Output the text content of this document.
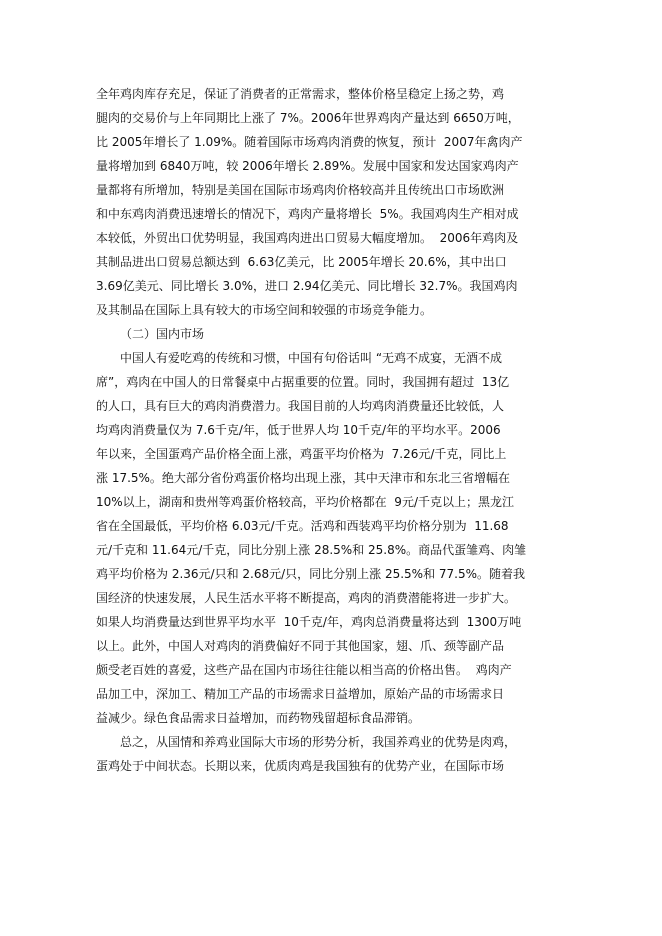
全年鸡肉库存充足，保证了消费者的正常需求，整体价格呈稳定上扬之势，鸡
腿肉的交易价与上年同期比上涨了 7%。2006年世界鸡肉产量达到 6650万吨，
比 2005年增长了 1.09%。随着国际市场鸡肉消费的恢复，预计  2007年禽肉产
量将增加到 6840万吨，较 2006年增长 2.89%。发展中国家和发达国家鸡肉产
量都将有所增加，特别是美国在国际市场鸡肉价格较高并且传统出口市场欧洲
和中东鸡肉消费迅速增长的情况下，鸡肉产量将增长  5%。我国鸡肉生产相对成
本较低，外贸出口优势明显，我国鸡肉进出口贸易大幅度增加。  2006年鸡肉及
其制品进出口贸易总额达到  6.63亿美元，比 2005年增长 20.6%，其中出口
3.69亿美元、同比增长 3.0%，进口 2.94亿美元、同比增长 32.7%。我国鸡肉
及其制品在国际上具有较大的市场空间和较强的市场竞争能力。
（二）国内市场
中国人有爱吃鸡的传统和习惯，中国有句俗话叫 “无鸡不成宴，无酒不成
席”，鸡肉在中国人的日常餐桌中占据重要的位置。同时，我国拥有超过  13亿
的人口，具有巨大的鸡肉消费潜力。我国目前的人均鸡肉消费量还比较低，人
均鸡肉消费量仅为 7.6千克/年，低于世界人均 10千克/年的平均水平。2006
年以来，全国蛋鸡产品价格全面上涨，鸡蛋平均价格为  7.26元/千克，同比上
涨 17.5%。绝大部分省份鸡蛋价格均出现上涨，其中天津市和东北三省增幅在
10%以上，湖南和贵州等鸡蛋价格较高，平均价格都在  9元/千克以上；黑龙江
省在全国最低，平均价格 6.03元/千克。活鸡和西装鸡平均价格分别为  11.68
元/千克和 11.64元/千克，同比分别上涨 28.5%和 25.8%。商品代蛋雏鸡、肉雏
鸡平均价格为 2.36元/只和 2.68元/只，同比分别上涨 25.5%和 77.5%。随着我
国经济的快速发展，人民生活水平将不断提高，鸡肉的消费潜能将进一步扩大。
如果人均消费量达到世界平均水平  10千克/年，鸡肉总消费量将达到  1300万吨
以上。此外，中国人对鸡肉的消费偏好不同于其他国家，翅、爪、颈等副产品
颇受老百姓的喜爱，这些产品在国内市场往往能以相当高的价格出售。  鸡肉产
品加工中，深加工、精加工产品的市场需求日益增加，原始产品的市场需求日
益减少。绿色食品需求日益增加，而药物残留超标食品滞销。
总之，从国情和养鸡业国际大市场的形势分析，我国养鸡业的优势是肉鸡，
蛋鸡处于中间状态。长期以来，优质肉鸡是我国独有的优势产业，在国际市场
